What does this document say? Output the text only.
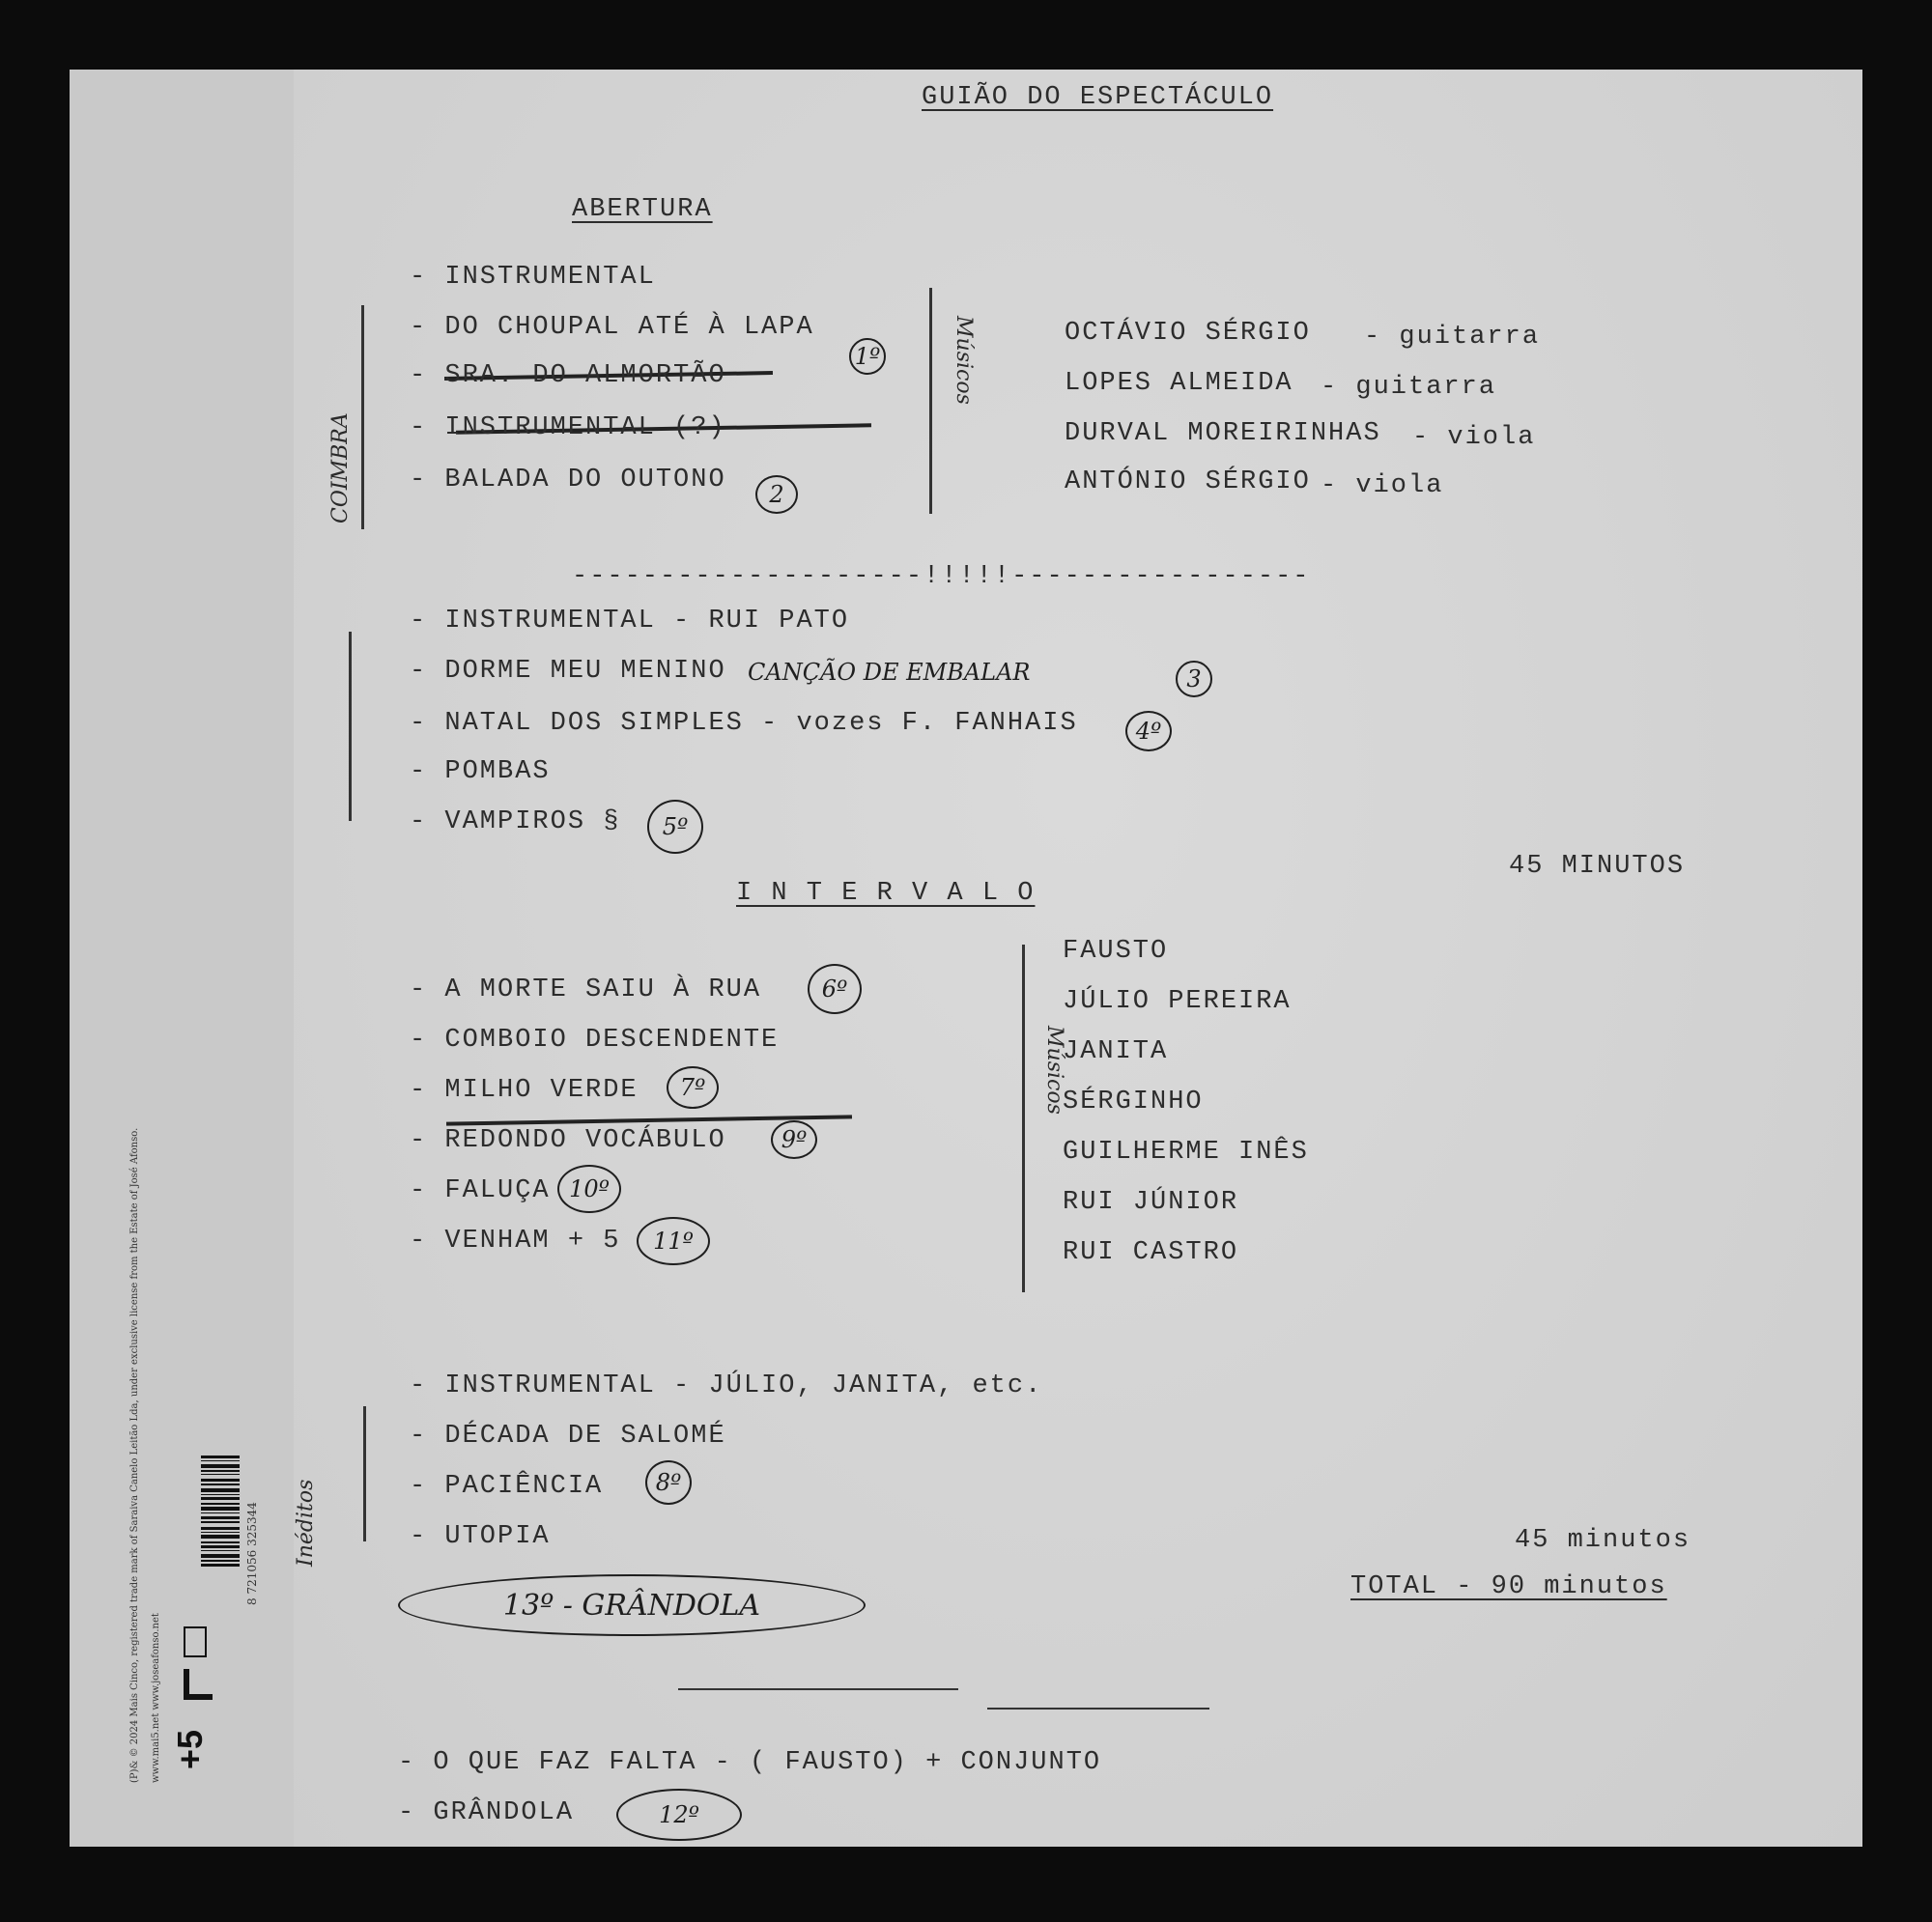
GUIÃO DO ESPECTÁCULO
ABERTURA
- INSTRUMENTAL
- DO CHOUPAL ATÉ À LAPA
1º
- SRA. DO ALMORTÃO
- INSTRUMENTAL (?)
- BALADA DO OUTONO	2
COIMBRA
Músicos	OCTÁVIO SÉRGIO - guitarra
LOPES ALMEIDA - guitarra
DURVAL MOREIRINHAS - viola
ANTÓNIO SÉRGIO - viola
--------------------!!!!!-----------------
- INSTRUMENTAL - RUI PATO
- DORME MEU MENINO CANÇÃO DE EMBALAR	3
- NATAL DOS SIMPLES - vozes F. FANHAIS	4º
- POMBAS
- VAMPIROS §	5º
45 MINUTOS
I N T E R V A L O
- A MORTE SAIU À RUA	6º
- COMBOIO DESCENDENTE
- MILHO VERDE	7º
- REDONDO VOCÁBULO	9º
- FALUÇA 10º
- VENHAM + 5	11º
Músicos
FAUSTO
JÚLIO PEREIRA
JANITA
SÉRGINHO
GUILHERME INÊS
RUI JÚNIOR
RUI CASTRO
- INSTRUMENTAL - JÚLIO, JANITA, etc.
- DÉCADA DE SALOMÉ
- PACIÊNCIA	8º
- UTOPIA
Inéditos	45 minutos
TOTAL - 90 minutos
13º - GRÂNDOLA
- O QUE FAZ FALTA - ( FAUSTO) + CONJUNTO
- GRÂNDOLA	12º
8 721056 325344
(P)& © 2024 Mais Cinco, registered trade mark of Saraiva Canelo Leitão Lda, under exclusive license from the Estate of José Afonso. www.mai5.net www.joseafonso.net +5
